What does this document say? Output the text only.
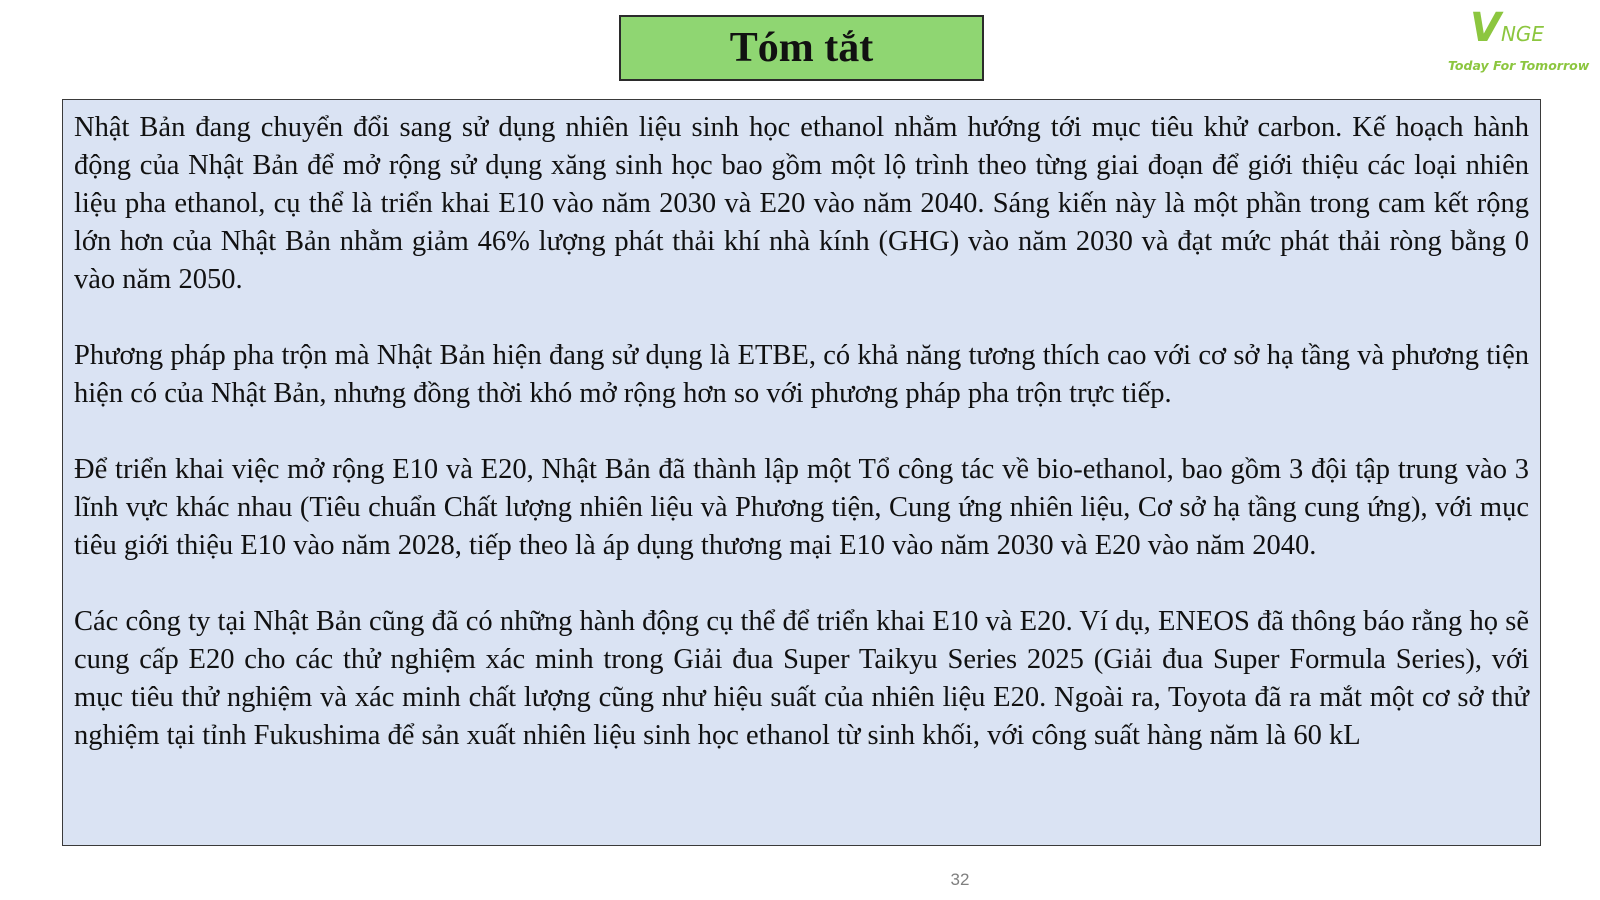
Tóm tắt	VNGE
Today For Tomorrow

Nhật Bản đang chuyển đổi sang sử dụng nhiên liệu sinh học ethanol nhằm hướng tới mục tiêu khử carbon. Kế hoạch hành động của Nhật Bản để mở rộng sử dụng xăng sinh học bao gồm một lộ trình theo từng giai đoạn để giới thiệu các loại nhiên liệu pha ethanol, cụ thể là triển khai E10 vào năm 2030 và E20 vào năm 2040. Sáng kiến này là một phần trong cam kết rộng lớn hơn của Nhật Bản nhằm giảm 46% lượng phát thải khí nhà kính (GHG) vào năm 2030 và đạt mức phát thải ròng bằng 0 vào năm 2050.

Phương pháp pha trộn mà Nhật Bản hiện đang sử dụng là ETBE, có khả năng tương thích cao với cơ sở hạ tầng và phương tiện hiện có của Nhật Bản, nhưng đồng thời khó mở rộng hơn so với phương pháp pha trộn trực tiếp.

Để triển khai việc mở rộng E10 và E20, Nhật Bản đã thành lập một Tổ công tác về bio-ethanol, bao gồm 3 đội tập trung vào 3 lĩnh vực khác nhau (Tiêu chuẩn Chất lượng nhiên liệu và Phương tiện, Cung ứng nhiên liệu, Cơ sở hạ tầng cung ứng), với mục tiêu giới thiệu E10 vào năm 2028, tiếp theo là áp dụng thương mại E10 vào năm 2030 và E20 vào năm 2040.

Các công ty tại Nhật Bản cũng đã có những hành động cụ thể để triển khai E10 và E20. Ví dụ, ENEOS đã thông báo rằng họ sẽ cung cấp E20 cho các thử nghiệm xác minh trong Giải đua Super Taikyu Series 2025 (Giải đua Super Formula Series), với mục tiêu thử nghiệm và xác minh chất lượng cũng như hiệu suất của nhiên liệu E20. Ngoài ra, Toyota đã ra mắt một cơ sở thử nghiệm tại tỉnh Fukushima để sản xuất nhiên liệu sinh học ethanol từ sinh khối, với công suất hàng năm là 60 kL

32
